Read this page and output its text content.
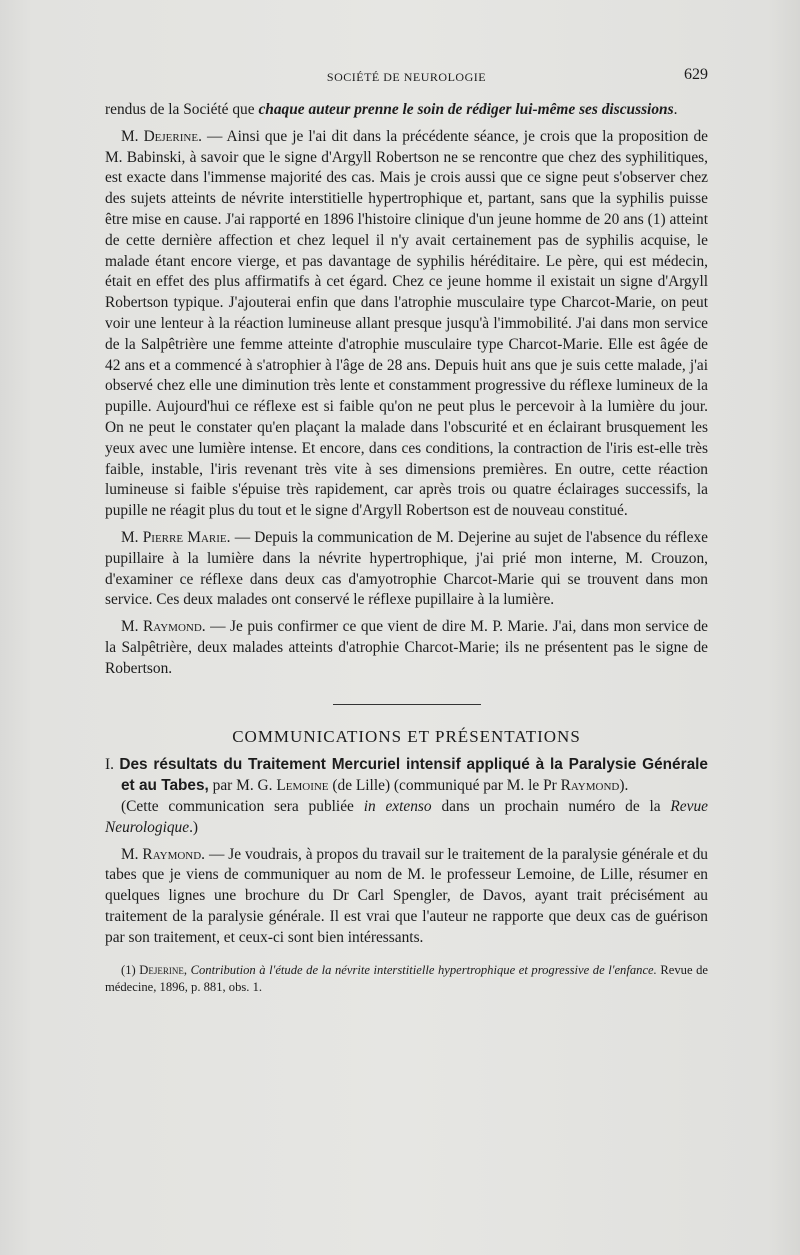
SOCIÉTÉ DE NEUROLOGIE	629

rendus de la Société que chaque auteur prenne le soin de rédiger lui-même ses discussions.

M. Dejerine. — Ainsi que je l'ai dit dans la précédente séance, je crois que la proposition de M. Babinski, à savoir que le signe d'Argyll Robertson ne se rencontre que chez des syphilitiques, est exacte dans l'immense majorité des cas. Mais je crois aussi que ce signe peut s'observer chez des sujets atteints de névrite interstitielle hypertrophique et, partant, sans que la syphilis puisse être mise en cause. J'ai rapporté en 1896 l'histoire clinique d'un jeune homme de 20 ans (1) atteint de cette dernière affection et chez lequel il n'y avait certainement pas de syphilis acquise, le malade étant encore vierge, et pas davantage de syphilis héréditaire. Le père, qui est médecin, était en effet des plus affirmatifs à cet égard. Chez ce jeune homme il existait un signe d'Argyll Robertson typique. J'ajouterai enfin que dans l'atrophie musculaire type Charcot-Marie, on peut voir une lenteur à la réaction lumineuse allant presque jusqu'à l'immobilité. J'ai dans mon service de la Salpêtrière une femme atteinte d'atrophie musculaire type Charcot-Marie. Elle est âgée de 42 ans et a commencé à s'atrophier à l'âge de 28 ans. Depuis huit ans que je suis cette malade, j'ai observé chez elle une diminution très lente et constamment progressive du réflexe lumineux de la pupille. Aujourd'hui ce réflexe est si faible qu'on ne peut plus le percevoir à la lumière du jour. On ne peut le constater qu'en plaçant la malade dans l'obscurité et en éclairant brusquement les yeux avec une lumière intense. Et encore, dans ces conditions, la contraction de l'iris est-elle très faible, instable, l'iris revenant très vite à ses dimensions premières. En outre, cette réaction lumineuse si faible s'épuise très rapidement, car après trois ou quatre éclairages successifs, la pupille ne réagit plus du tout et le signe d'Argyll Robertson est de nouveau constitué.

M. Pierre Marie. — Depuis la communication de M. Dejerine au sujet de l'absence du réflexe pupillaire à la lumière dans la névrite hypertrophique, j'ai prié mon interne, M. Crouzon, d'examiner ce réflexe dans deux cas d'amyotrophie Charcot-Marie qui se trouvent dans mon service. Ces deux malades ont conservé le réflexe pupillaire à la lumière.

M. Raymond. — Je puis confirmer ce que vient de dire M. P. Marie. J'ai, dans mon service de la Salpêtrière, deux malades atteints d'atrophie Charcot-Marie; ils ne présentent pas le signe de Robertson.

COMMUNICATIONS ET PRÉSENTATIONS

I. Des résultats du Traitement Mercuriel intensif appliqué à la Paralysie Générale et au Tabes, par M. G. Lemoine (de Lille) (communiqué par M. le Pr Raymond).

(Cette communication sera publiée in extenso dans un prochain numéro de la Revue Neurologique.)

M. Raymond. — Je voudrais, à propos du travail sur le traitement de la paralysie générale et du tabes que je viens de communiquer au nom de M. le professeur Lemoine, de Lille, résumer en quelques lignes une brochure du Dr Carl Spengler, de Davos, ayant trait précisément au traitement de la paralysie générale. Il est vrai que l'auteur ne rapporte que deux cas de guérison par son traitement, et ceux-ci sont bien intéressants.

(1) Dejerine, Contribution à l'étude de la névrite interstitielle hypertrophique et progressive de l'enfance. Revue de médecine, 1896, p. 881, obs. 1.
